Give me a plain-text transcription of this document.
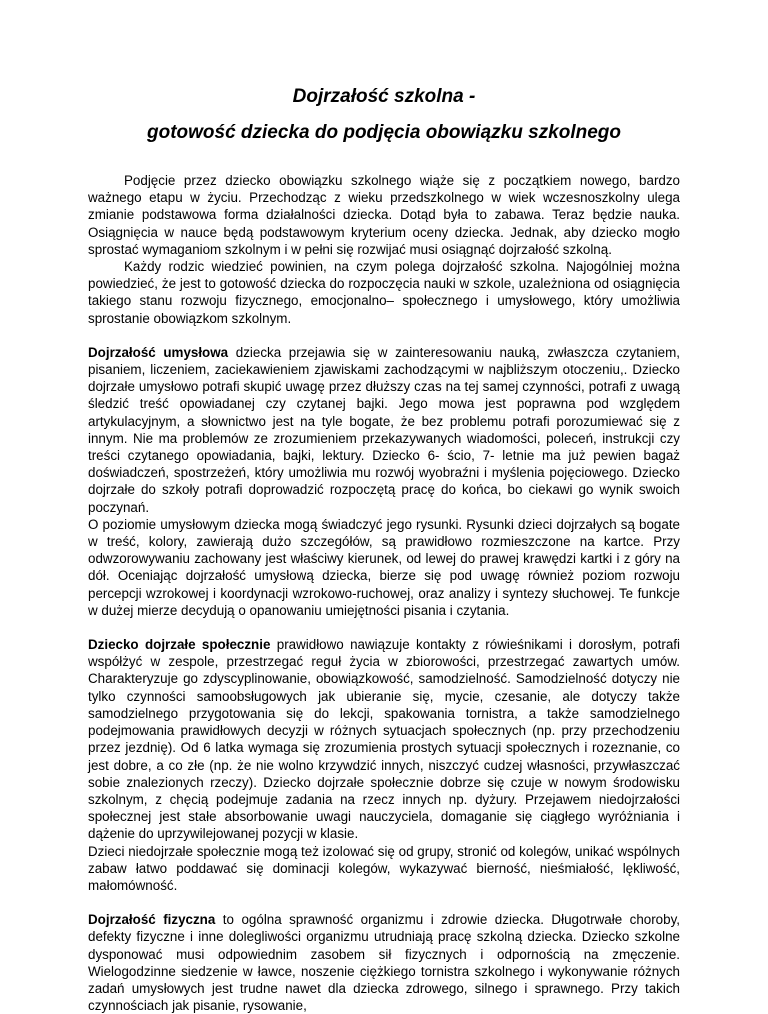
Dojrzałość szkolna -
gotowość dziecka do podjęcia obowiązku szkolnego

Podjęcie przez dziecko obowiązku szkolnego wiąże się z początkiem nowego, bardzo ważnego etapu w życiu. Przechodząc z wieku przedszkolnego w wiek wczesnoszkolny ulega zmianie podstawowa forma działalności dziecka. Dotąd była to zabawa. Teraz będzie nauka. Osiągnięcia w nauce będą podstawowym kryterium oceny dziecka. Jednak, aby dziecko mogło sprostać wymaganiom szkolnym i w pełni się rozwijać musi osiągnąć dojrzałość szkolną.

Każdy rodzic wiedzieć powinien, na czym polega dojrzałość szkolna. Najogólniej można powiedzieć, że jest to gotowość dziecka do rozpoczęcia nauki w szkole, uzależniona od osiągnięcia takiego stanu rozwoju fizycznego, emocjonalno– społecznego i umysłowego, który umożliwia sprostanie obowiązkom szkolnym.

Dojrzałość umysłowa dziecka przejawia się w zainteresowaniu nauką, zwłaszcza czytaniem, pisaniem, liczeniem, zaciekawieniem zjawiskami zachodzącymi w najbliższym otoczeniu,. Dziecko dojrzałe umysłowo potrafi skupić uwagę przez dłuższy czas na tej samej czynności, potrafi z uwagą śledzić treść opowiadanej czy czytanej bajki. Jego mowa jest poprawna pod względem artykulacyjnym, a słownictwo jest na tyle bogate, że bez problemu potrafi porozumiewać się z innym. Nie ma problemów ze zrozumieniem przekazywanych wiadomości, poleceń, instrukcji czy treści czytanego opowiadania, bajki, lektury. Dziecko 6- ścio, 7- letnie ma już pewien bagaż doświadczeń, spostrzeżeń, który umożliwia mu rozwój wyobraźni i myślenia pojęciowego. Dziecko dojrzałe do szkoły potrafi doprowadzić rozpoczętą pracę do końca, bo ciekawi go wynik swoich poczynań.

O poziomie umysłowym dziecka mogą świadczyć jego rysunki. Rysunki dzieci dojrzałych są bogate w treść, kolory, zawierają dużo szczegółów, są prawidłowo rozmieszczone na kartce. Przy odwzorowywaniu zachowany jest właściwy kierunek, od lewej do prawej krawędzi kartki i z góry na dół. Oceniając dojrzałość umysłową dziecka, bierze się pod uwagę również poziom rozwoju percepcji wzrokowej i koordynacji wzrokowo-ruchowej, oraz analizy i syntezy słuchowej. Te funkcje w dużej mierze decydują o opanowaniu umiejętności pisania i czytania.

Dziecko dojrzałe społecznie prawidłowo nawiązuje kontakty z rówieśnikami i dorosłym, potrafi współżyć w zespole, przestrzegać reguł życia w zbiorowości, przestrzegać zawartych umów. Charakteryzuje go zdyscyplinowanie, obowiązkowość, samodzielność. Samodzielność dotyczy nie tylko czynności samoobsługowych jak ubieranie się, mycie, czesanie, ale dotyczy także samodzielnego przygotowania się do lekcji, spakowania tornistra, a także samodzielnego podejmowania prawidłowych decyzji w różnych sytuacjach społecznych (np. przy przechodzeniu przez jezdnię). Od 6 latka wymaga się zrozumienia prostych sytuacji społecznych i rozeznanie, co jest dobre, a co złe (np. że nie wolno krzywdzić innych, niszczyć cudzej własności, przywłaszczać sobie znalezionych rzeczy). Dziecko dojrzałe społecznie dobrze się czuje w nowym środowisku szkolnym, z chęcią podejmuje zadania na rzecz innych np. dyżury. Przejawem niedojrzałości społecznej jest stałe absorbowanie uwagi nauczyciela, domaganie się ciągłego wyróżniania i dążenie do uprzywilejowanej pozycji w klasie.

Dzieci niedojrzałe społecznie mogą też izolować się od grupy, stronić od kolegów, unikać wspólnych zabaw łatwo poddawać się dominacji kolegów, wykazywać bierność, nieśmiałość, lękliwość, małomówność.

Dojrzałość fizyczna to ogólna sprawność organizmu i zdrowie dziecka. Długotrwałe choroby, defekty fizyczne i inne dolegliwości organizmu utrudniają pracę szkolną dziecka. Dziecko szkolne dysponować musi odpowiednim zasobem sił fizycznych i odpornością na zmęczenie. Wielogodzinne siedzenie w ławce, noszenie ciężkiego tornistra szkolnego i wykonywanie różnych zadań umysłowych jest trudne nawet dla dziecka zdrowego, silnego i sprawnego. Przy takich czynnościach jak pisanie, rysowanie,
